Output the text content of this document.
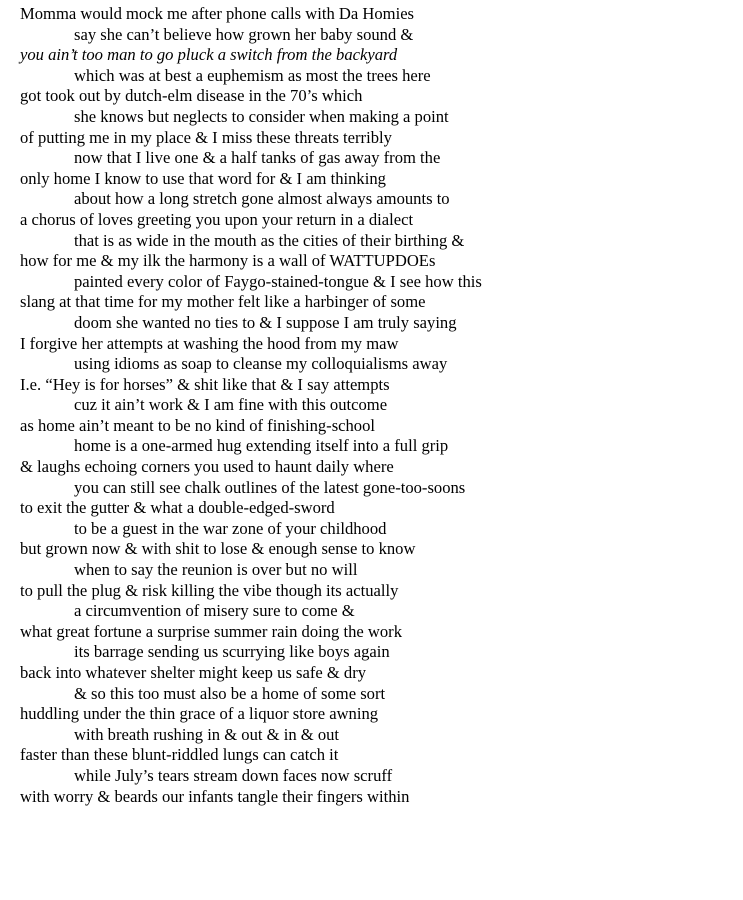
Momma would mock me after phone calls with Da Homies
say she can’t believe how grown her baby sound &
you ain’t too man to go pluck a switch from the backyard
which was at best a euphemism as most the trees here
got took out by dutch-elm disease in the 70’s which
she knows but neglects to consider when making a point
of putting me in my place & I miss these threats terribly
now that I live one & a half tanks of gas away from the
only home I know to use that word for & I am thinking
about how a long stretch gone almost always amounts to
a chorus of loves greeting you upon your return in a dialect
that is as wide in the mouth as the cities of their birthing &
how for me & my ilk the harmony is a wall of WATTUPDOEs
painted every color of Faygo-stained-tongue & I see how this
slang at that time for my mother felt like a harbinger of some
doom she wanted no ties to & I suppose I am truly saying
I forgive her attempts at washing the hood from my maw
using idioms as soap to cleanse my colloquialisms away
I.e. “Hey is for horses” & shit like that & I say attempts
cuz it ain’t work & I am fine with this outcome
as home ain’t meant to be no kind of finishing-school
home is a one-armed hug extending itself into a full grip
& laughs echoing corners you used to haunt daily where
you can still see chalk outlines of the latest gone-too-soons
to exit the gutter & what a double-edged-sword
to be a guest in the war zone of your childhood
but grown now & with shit to lose & enough sense to know
when to say the reunion is over but no will
to pull the plug & risk killing the vibe though its actually
a circumvention of misery sure to come &
what great fortune a surprise summer rain doing the work
its barrage sending us scurrying like boys again
back into whatever shelter might keep us safe & dry
& so this too must also be a home of some sort
huddling under the thin grace of a liquor store awning
with breath rushing in & out & in & out
faster than these blunt-riddled lungs can catch it
while July’s tears stream down faces now scruff
with worry & beards our infants tangle their fingers within
